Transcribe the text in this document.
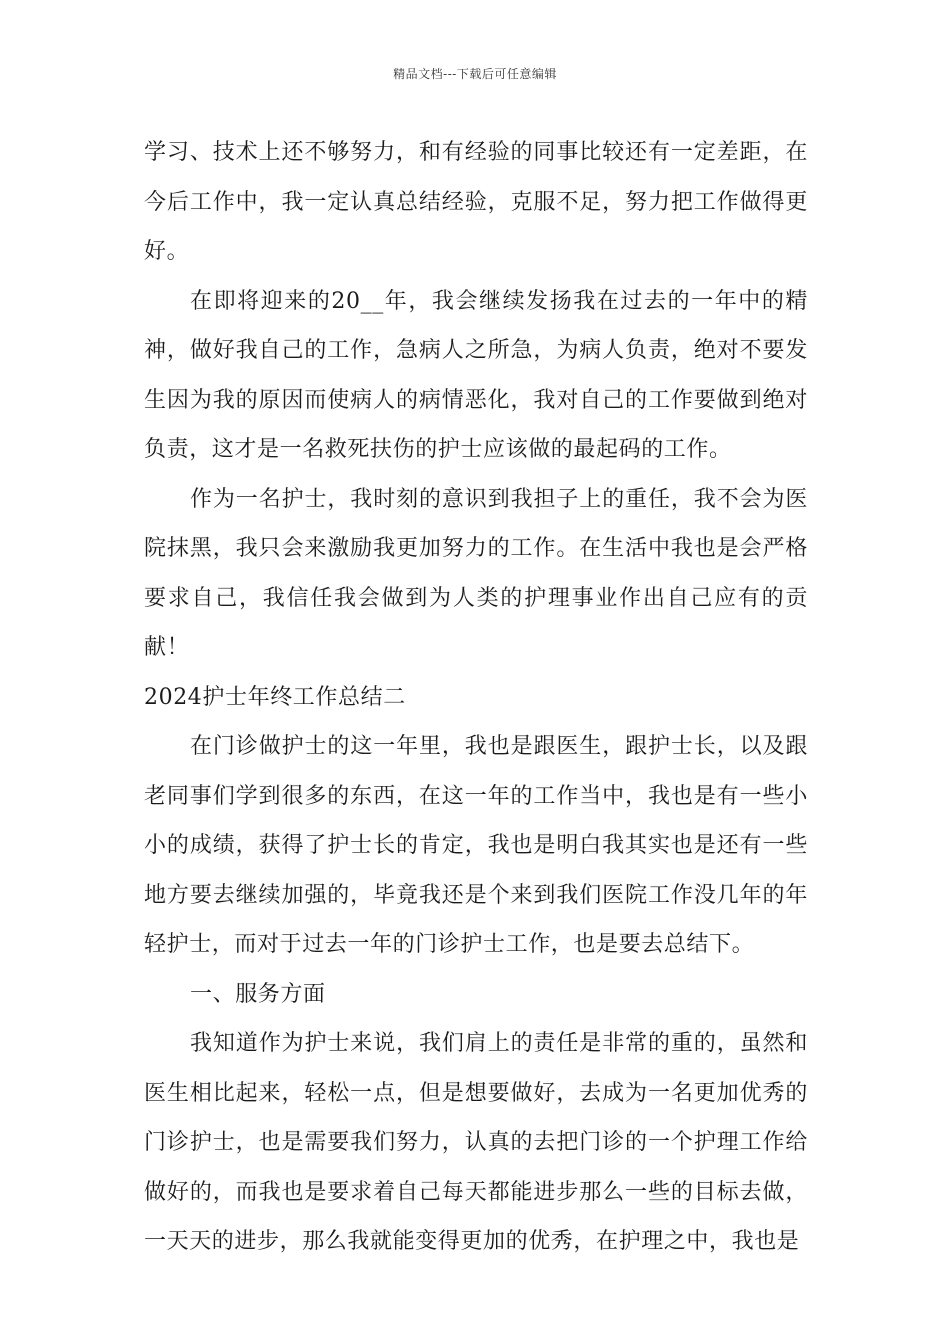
精品文档---下载后可任意编辑

学习、技术上还不够努力，和有经验的同事比较还有一定差距，在今后工作中，我一定认真总结经验，克服不足，努力把工作做得更好。

在即将迎来的20__年，我会继续发扬我在过去的一年中的精神，做好我自己的工作，急病人之所急，为病人负责，绝对不要发生因为我的原因而使病人的病情恶化，我对自己的工作要做到绝对负责，这才是一名救死扶伤的护士应该做的最起码的工作。

作为一名护士，我时刻的意识到我担子上的重任，我不会为医院抹黑，我只会来激励我更加努力的工作。在生活中我也是会严格要求自己，我信任我会做到为人类的护理事业作出自己应有的贡献！

2024护士年终工作总结二

在门诊做护士的这一年里，我也是跟医生，跟护士长，以及跟老同事们学到很多的东西，在这一年的工作当中，我也是有一些小小的成绩，获得了护士长的肯定，我也是明白我其实也是还有一些地方要去继续加强的，毕竟我还是个来到我们医院工作没几年的年轻护士，而对于过去一年的门诊护士工作，也是要去总结下。

一、服务方面

我知道作为护士来说，我们肩上的责任是非常的重的，虽然和医生相比起来，轻松一点，但是想要做好，去成为一名更加优秀的门诊护士，也是需要我们努力，认真的去把门诊的一个护理工作给做好的，而我也是要求着自己每天都能进步那么一些的目标去做，一天天的进步，那么我就能变得更加的优秀，在护理之中，我也是
